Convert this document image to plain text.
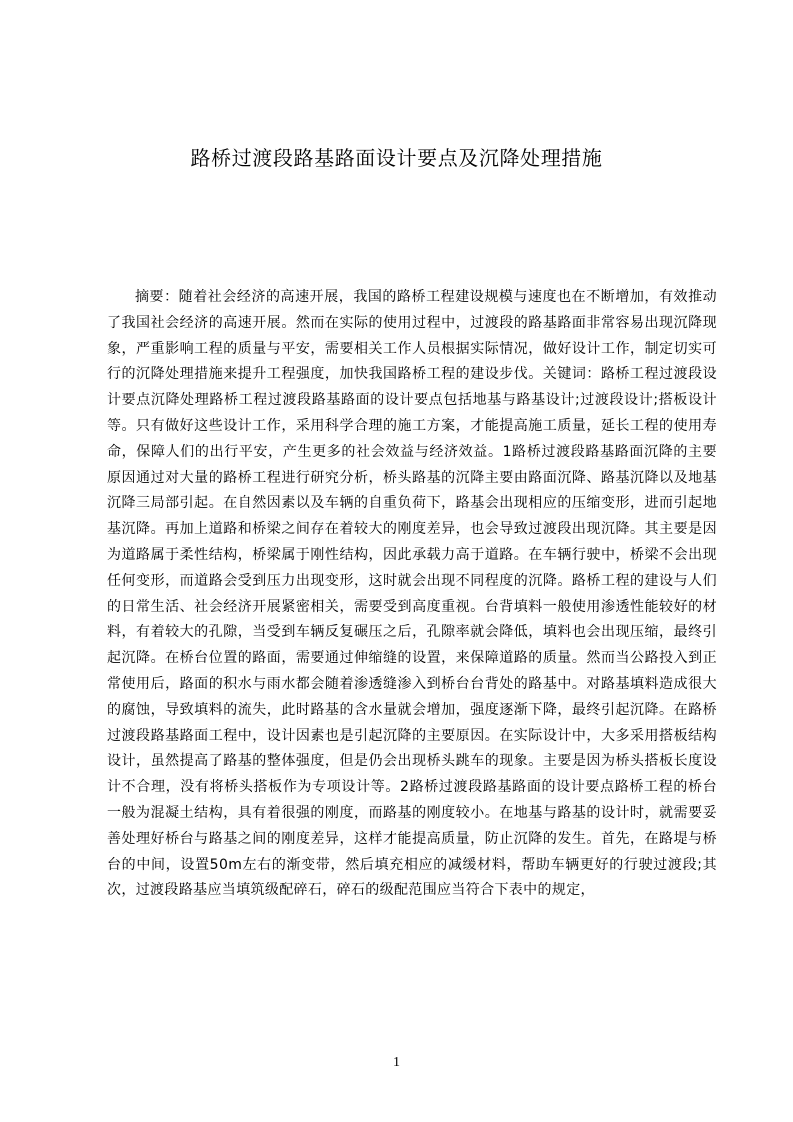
路桥过渡段路基路面设计要点及沉降处理措施

摘要：随着社会经济的高速开展，我国的路桥工程建设规模与速度也在不断增加，有效推动了我国社会经济的高速开展。然而在实际的使用过程中，过渡段的路基路面非常容易出现沉降现象，严重影响工程的质量与平安，需要相关工作人员根据实际情况，做好设计工作，制定切实可行的沉降处理措施来提升工程强度，加快我国路桥工程的建设步伐。关键词：路桥工程过渡段设计要点沉降处理路桥工程过渡段路基路面的设计要点包括地基与路基设计;过渡段设计;搭板设计等。只有做好这些设计工作，采用科学合理的施工方案，才能提高施工质量，延长工程的使用寿命，保障人们的出行平安，产生更多的社会效益与经济效益。1路桥过渡段路基路面沉降的主要原因通过对大量的路桥工程进行研究分析，桥头路基的沉降主要由路面沉降、路基沉降以及地基沉降三局部引起。在自然因素以及车辆的自重负荷下，路基会出现相应的压缩变形，进而引起地基沉降。再加上道路和桥梁之间存在着较大的刚度差异，也会导致过渡段出现沉降。其主要是因为道路属于柔性结构，桥梁属于刚性结构，因此承载力高于道路。在车辆行驶中，桥梁不会出现任何变形，而道路会受到压力出现变形，这时就会出现不同程度的沉降。路桥工程的建设与人们的日常生活、社会经济开展紧密相关，需要受到高度重视。台背填料一般使用渗透性能较好的材料，有着较大的孔隙，当受到车辆反复碾压之后，孔隙率就会降低，填料也会出现压缩，最终引起沉降。在桥台位置的路面，需要通过伸缩缝的设置，来保障道路的质量。然而当公路投入到正常使用后，路面的积水与雨水都会随着渗透缝渗入到桥台台背处的路基中。对路基填料造成很大的腐蚀，导致填料的流失，此时路基的含水量就会增加，强度逐渐下降，最终引起沉降。在路桥过渡段路基路面工程中，设计因素也是引起沉降的主要原因。在实际设计中，大多采用搭板结构设计，虽然提高了路基的整体强度，但是仍会出现桥头跳车的现象。主要是因为桥头搭板长度设计不合理，没有将桥头搭板作为专项设计等。2路桥过渡段路基路面的设计要点路桥工程的桥台一般为混凝土结构，具有着很强的刚度，而路基的刚度较小。在地基与路基的设计时，就需要妥善处理好桥台与路基之间的刚度差异，这样才能提高质量，防止沉降的发生。首先，在路堤与桥台的中间，设置50m左右的渐变带，然后填充相应的减缓材料，帮助车辆更好的行驶过渡段;其次，过渡段路基应当填筑级配碎石，碎石的级配范围应当符合下表中的规定，

1
